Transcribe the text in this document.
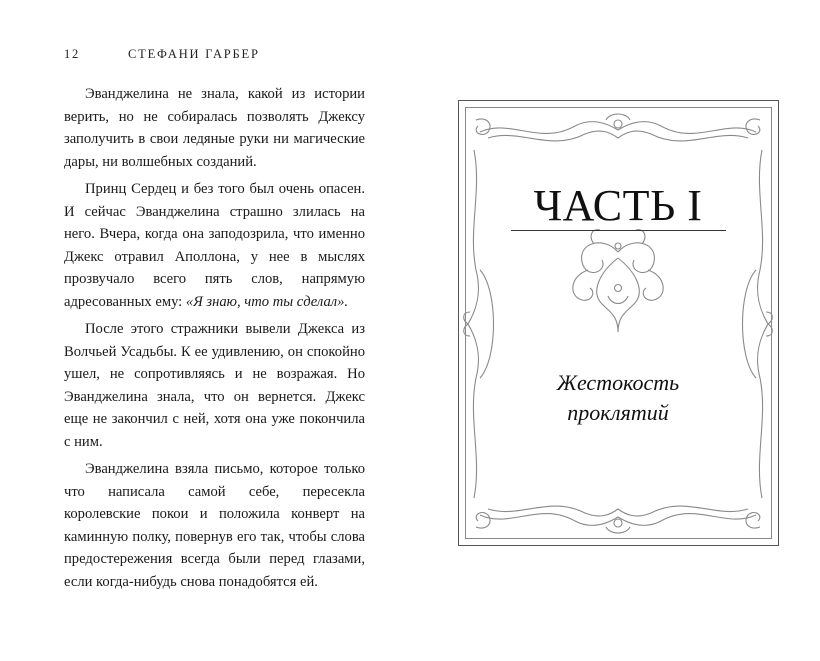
12	СТЕФАНИ ГАРБЕР

Эванджелина не знала, какой из истории верить, но не собиралась позволять Джексу заполучить в свои ледяные руки ни магические дары, ни волшебных созданий.

Принц Сердец и без того был очень опасен. И сейчас Эванджелина страшно злилась на него. Вчера, когда она заподозрила, что именно Джекс отравил Аполлона, у нее в мыслях прозвучало всего пять слов, напрямую адресованных ему: «Я знаю, что ты сделал».

После этого стражники вывели Джекса из Волчьей Усадьбы. К ее удивлению, он спокойно ушел, не сопротивляясь и не возражая. Но Эванджелина знала, что он вернется. Джекс еще не закончил с ней, хотя она уже покончила с ним.

Эванджелина взяла письмо, которое только что написала самой себе, пересекла королевские покои и положила конверт на каминную полку, повернув его так, чтобы слова предостережения всегда были перед глазами, если когда-нибудь снова понадобятся ей.

ЧАСТЬ I
Жестокость
проклятий
